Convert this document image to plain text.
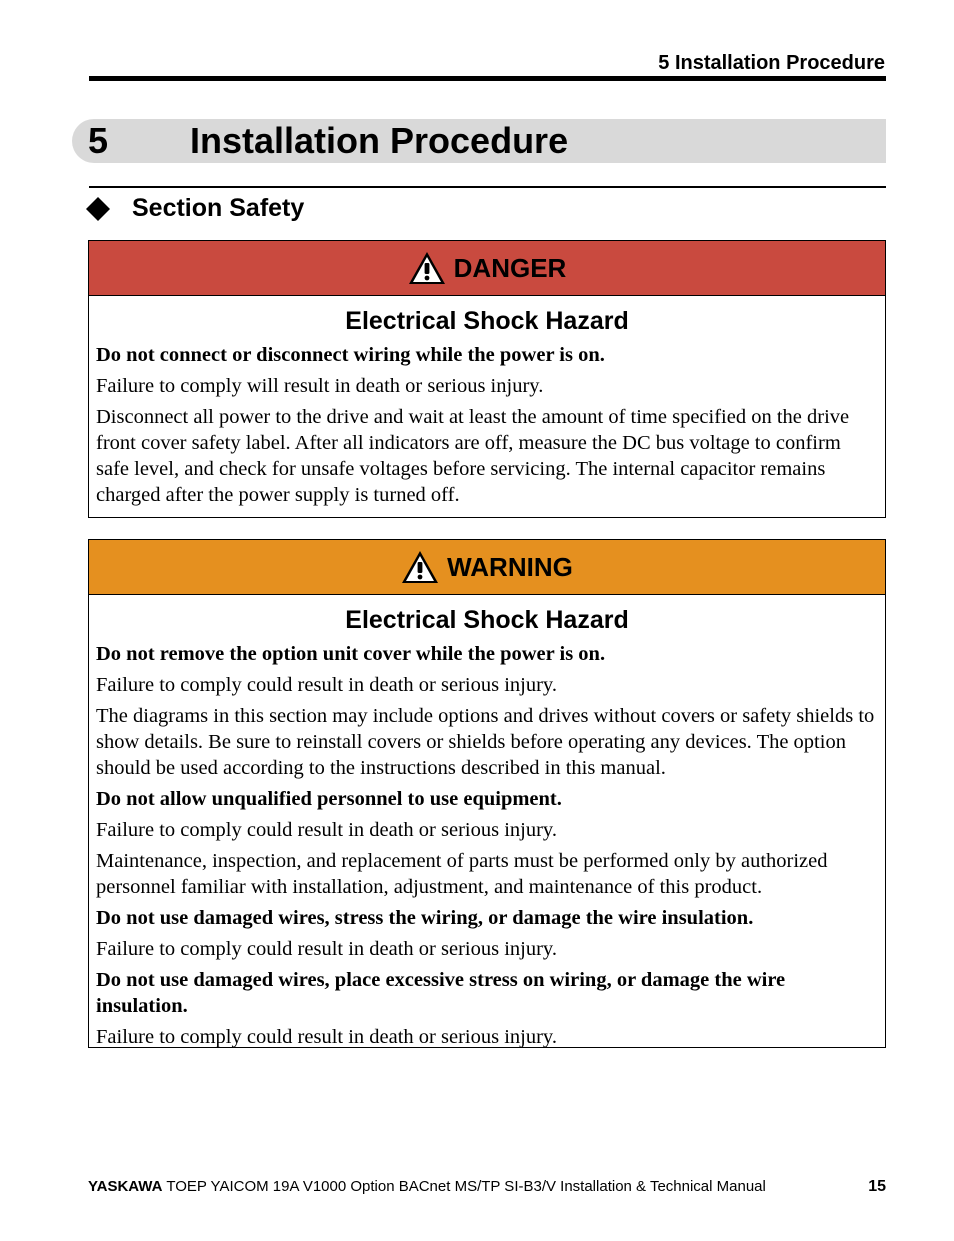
5 Installation Procedure
5 Installation Procedure
Section Safety
DANGER
Electrical Shock Hazard

Do not connect or disconnect wiring while the power is on.

Failure to comply will result in death or serious injury.

Disconnect all power to the drive and wait at least the amount of time specified on the drive front cover safety label. After all indicators are off, measure the DC bus voltage to confirm safe level, and check for unsafe voltages before servicing. The internal capacitor remains charged after the power supply is turned off.

WARNING
Electrical Shock Hazard

Do not remove the option unit cover while the power is on.

Failure to comply could result in death or serious injury.

The diagrams in this section may include options and drives without covers or safety shields to show details. Be sure to reinstall covers or shields before operating any devices. The option should be used according to the instructions described in this manual.

Do not allow unqualified personnel to use equipment.

Failure to comply could result in death or serious injury.

Maintenance, inspection, and replacement of parts must be performed only by authorized personnel familiar with installation, adjustment, and maintenance of this product.

Do not use damaged wires, stress the wiring, or damage the wire insulation.

Failure to comply could result in death or serious injury.

Do not use damaged wires, place excessive stress on wiring, or damage the wire insulation.

Failure to comply could result in death or serious injury.

YASKAWA TOEP YAICOM 19A V1000 Option BACnet MS/TP SI-B3/V Installation & Technical Manual	15
